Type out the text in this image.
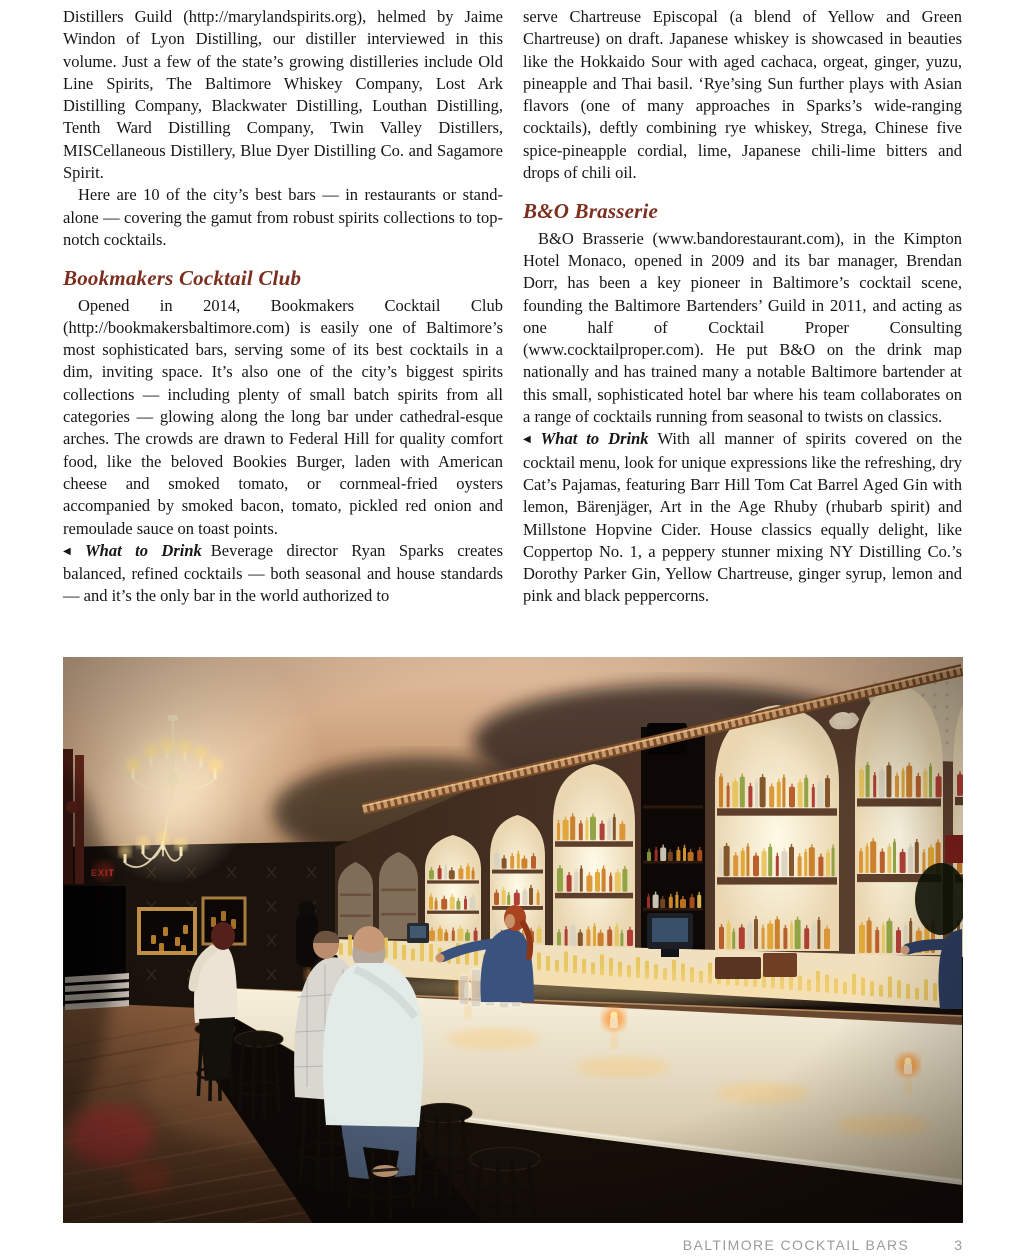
Distillers Guild (http://marylandspirits.org), helmed by Jaime Windon of Lyon Distilling, our distiller interviewed in this volume. Just a few of the state’s growing distilleries include Old Line Spirits, The Baltimore Whiskey Company, Lost Ark Distilling Company, Blackwater Distilling, Louthan Distilling, Tenth Ward Distilling Company, Twin Valley Distillers, MISCellaneous Distillery, Blue Dyer Distilling Co. and Sagamore Spirit.

Here are 10 of the city’s best bars — in restaurants or stand-alone — covering the gamut from robust spirits collections to top-notch cocktails.

Bookmakers Cocktail Club

Opened in 2014, Bookmakers Cocktail Club (http://bookmakersbaltimore.com) is easily one of Baltimore’s most sophisticated bars, serving some of its best cocktails in a dim, inviting space. It’s also one of the city’s biggest spirits collections — including plenty of small batch spirits from all categories — glowing along the long bar under cathedral-esque arches. The crowds are drawn to Federal Hill for quality comfort food, like the beloved Bookies Burger, laden with American cheese and smoked tomato, or cornmeal-fried oysters accompanied by smoked bacon, tomato, pickled red onion and remoulade sauce on toast points.

◀ What to Drink Beverage director Ryan Sparks creates balanced, refined cocktails — both seasonal and house standards — and it’s the only bar in the world authorized to

serve Chartreuse Episcopal (a blend of Yellow and Green Chartreuse) on draft. Japanese whiskey is showcased in beauties like the Hokkaido Sour with aged cachaca, orgeat, ginger, yuzu, pineapple and Thai basil. ‘Rye’sing Sun further plays with Asian flavors (one of many approaches in Sparks’s wide-ranging cocktails), deftly combining rye whiskey, Strega, Chinese five spice-pineapple cordial, lime, Japanese chili-lime bitters and drops of chili oil.

B&O Brasserie

B&O Brasserie (www.bandorestaurant.com), in the Kimpton Hotel Monaco, opened in 2009 and its bar manager, Brendan Dorr, has been a key pioneer in Baltimore’s cocktail scene, founding the Baltimore Bartenders’ Guild in 2011, and acting as one half of Cocktail Proper Consulting (www.cocktailproper.com). He put B&O on the drink map nationally and has trained many a notable Baltimore bartender at this small, sophisticated hotel bar where his team collaborates on a range of cocktails running from seasonal to twists on classics.

◀ What to Drink With all manner of spirits covered on the cocktail menu, look for unique expressions like the refreshing, dry Cat’s Pajamas, featuring Barr Hill Tom Cat Barrel Aged Gin with lemon, Bärenjäger, Art in the Age Rhuby (rhubarb spirit) and Millstone Hopvine Cider. House classics equally delight, like Coppertop No. 1, a peppery stunner mixing NY Distilling Co.’s Dorothy Parker Gin, Yellow Chartreuse, ginger syrup, lemon and pink and black peppercorns.

BALTIMORE COCKTAIL BARS	3
